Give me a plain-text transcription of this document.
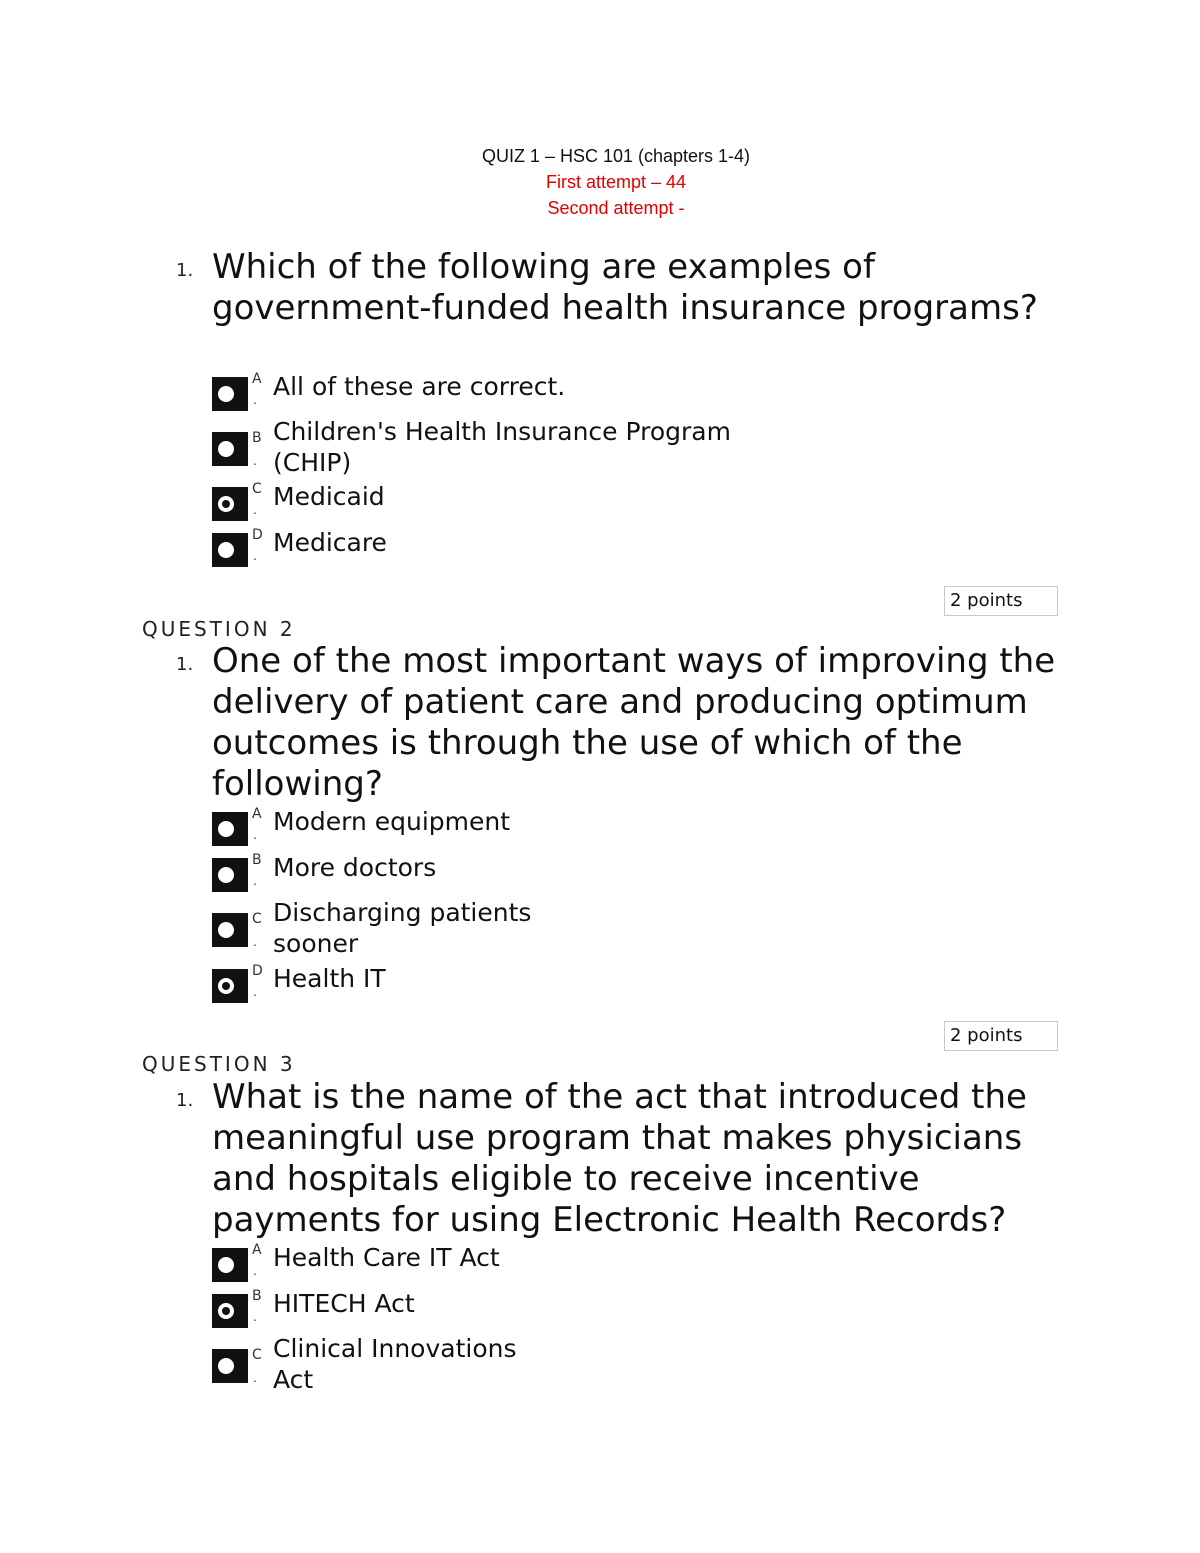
QUIZ 1 – HSC 101 (chapters 1-4)
First attempt – 44
Second attempt -
1. Which of the following are examples of government-funded health insurance programs?
A
. All of these are correct.
B
.
Children's Health Insurance Program (CHIP)
C
. Medicaid
D
. Medicare
2 points
QUESTION 2
1. One of the most important ways of improving the delivery of patient care and producing optimum outcomes is through the use of which of the following?
A
. Modern equipment
B
. More doctors
C
.
Discharging patients sooner
D
. Health IT
2 points
QUESTION 3
1. What is the name of the act that introduced the meaningful use program that makes physicians and hospitals eligible to receive incentive payments for using Electronic Health Records?
A
. Health Care IT Act
B
. HITECH Act
C
.
Clinical Innovations Act
